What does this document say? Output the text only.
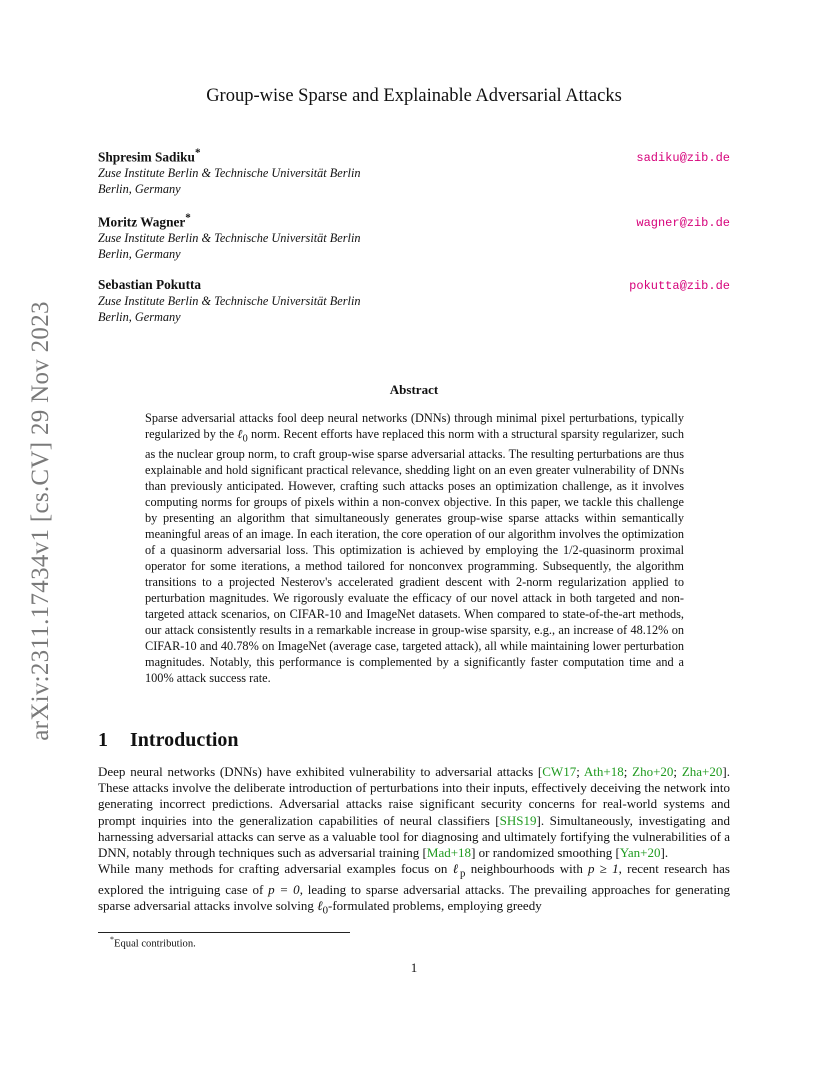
arXiv:2311.17434v1 [cs.CV] 29 Nov 2023
Group-wise Sparse and Explainable Adversarial Attacks
Shpresim Sadiku*	sadiku@zib.de
Zuse Institute Berlin & Technische Universität Berlin
Berlin, Germany
Moritz Wagner*	wagner@zib.de
Zuse Institute Berlin & Technische Universität Berlin
Berlin, Germany
Sebastian Pokutta	pokutta@zib.de
Zuse Institute Berlin & Technische Universität Berlin
Berlin, Germany
Abstract
Sparse adversarial attacks fool deep neural networks (DNNs) through minimal pixel perturbations, typically regularized by the ℓ$_0$ norm. Recent efforts have replaced this norm with a structural sparsity regularizer, such as the nuclear group norm, to craft group-wise sparse adversarial attacks. The resulting perturbations are thus explainable and hold significant practical relevance, shedding light on an even greater vulnerability of DNNs than previously anticipated. However, crafting such attacks poses an optimization challenge, as it involves computing norms for groups of pixels within a non-convex objective. In this paper, we tackle this challenge by presenting an algorithm that simultaneously generates group-wise sparse attacks within semantically meaningful areas of an image. In each iteration, the core operation of our algorithm involves the optimization of a quasinorm adversarial loss. This optimization is achieved by employing the 1/2-quasinorm proximal operator for some iterations, a method tailored for nonconvex programming. Subsequently, the algorithm transitions to a projected Nesterov's accelerated gradient descent with 2-norm regularization applied to perturbation magnitudes. We rigorously evaluate the efficacy of our novel attack in both targeted and non-targeted attack scenarios, on CIFAR-10 and ImageNet datasets. When compared to state-of-the-art methods, our attack consistently results in a remarkable increase in group-wise sparsity, e.g., an increase of 48.12% on CIFAR-10 and 40.78% on ImageNet (average case, targeted attack), all while maintaining lower perturbation magnitudes. Notably, this performance is complemented by a significantly faster computation time and a 100% attack success rate.
1 Introduction
Deep neural networks (DNNs) have exhibited vulnerability to adversarial attacks [CW17; Ath+18; Zho+20; Zha+20]. These attacks involve the deliberate introduction of perturbations into their inputs, effectively deceiving the network into generating incorrect predictions. Adversarial attacks raise significant security concerns for real-world systems and prompt inquiries into the generalization capabilities of neural classifiers [SHS19]. Simultaneously, investigating and harnessing adversarial attacks can serve as a valuable tool for diagnosing and ultimately fortifying the vulnerabilities of a DNN, notably through techniques such as adversarial training [Mad+18] or randomized smoothing [Yan+20].
While many methods for crafting adversarial examples focus on ℓ$_p$ neighbourhoods with p ≥ 1, recent research has explored the intriguing case of p = 0, leading to sparse adversarial attacks. The prevailing approaches for generating sparse adversarial attacks involve solving ℓ$_0$-formulated problems, employing greedy
*Equal contribution.
1
